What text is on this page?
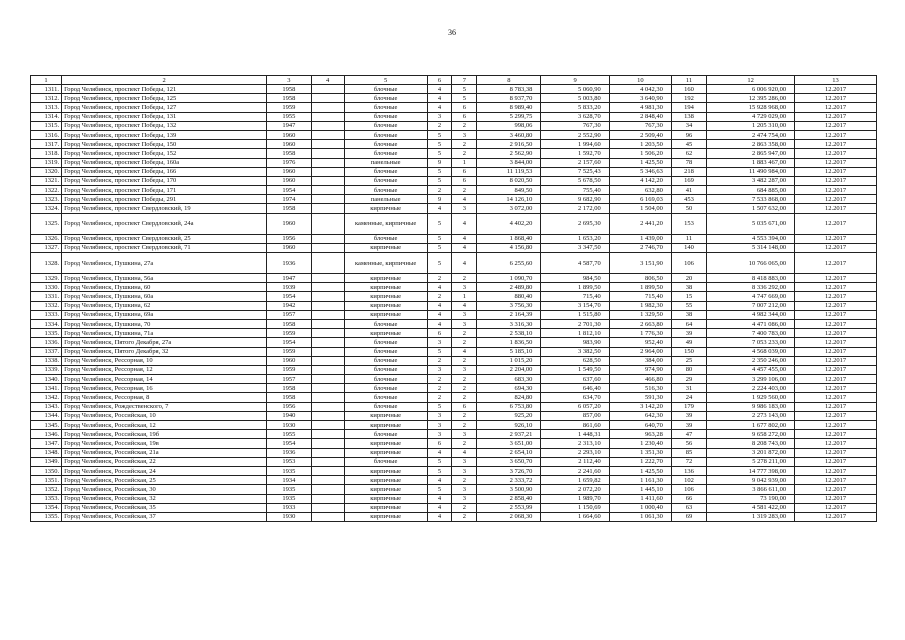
36
1	2	3	4	5	6	7	8	9	10	11	12	13
1311.	Город Челябинск, проспект Победы, 121	1958		блочные	4	5	8 783,38	5 060,90	4 042,30	160	6 006 920,00	12.2017
1312.	Город Челябинск, проспект Победы, 125	1958		блочные	4	5	8 937,70	5 003,80	3 640,90	192	12 395 286,00	12.2017
1313.	Город Челябинск, проспект Победы, 127	1959		блочные	4	6	8 989,40	5 833,20	4 981,30	194	15 928 968,00	12.2017
1314.	Город Челябинск, проспект Победы, 131	1955		блочные	3	6	5 299,75	3 628,70	2 848,40	138	4 729 029,00	12.2017
1315.	Город Челябинск, проспект Победы, 132	1947		блочные	2	2	998,06	767,30	767,30	34	1 205 310,00	12.2017
1316.	Город Челябинск, проспект Победы, 139	1960		блочные	5	3	3 460,80	2 552,90	2 509,40	96	2 474 754,00	12.2017
1317.	Город Челябинск, проспект Победы, 150	1960		блочные	5	2	2 916,50	1 994,60	1 203,50	45	2 863 358,00	12.2017
1318.	Город Челябинск, проспект Победы, 152	1958		блочные	5	2	2 562,90	1 592,70	1 506,20	62	2 865 947,00	12.2017
1319.	Город Челябинск, проспект Победы, 160а	1976		панельные	9	1	3 844,00	2 157,60	1 425,50	78	1 883 467,00	12.2017
1320.	Город Челябинск, проспект Победы, 166	1960		блочные	5	6	11 119,53	7 525,43	5 346,63	218	11 490 984,00	12.2017
1321.	Город Челябинск, проспект Победы, 170	1960		блочные	5	6	8 020,50	5 678,50	4 142,20	169	3 482 287,00	12.2017
1322.	Город Челябинск, проспект Победы, 171	1954		блочные	2	2	849,50	755,40	632,80	41	684 885,00	12.2017
1323.	Город Челябинск, проспект Победы, 291	1974		панельные	9	4	14 126,10	9 682,90	6 169,03	453	7 533 868,00	12.2017
1324.	Город Челябинск, проспект Свердловский, 19	1958		кирпичные	4	3	3 072,00	2 172,00	1 504,00	50	1 507 632,00	12.2017
1325.	Город Челябинск, проспект Свердловский, 24а	1960		каменные, кирпичные	5	4	4 402,20	2 695,30	2 441,20	153	5 035 671,00	12.2017
1326.	Город Челябинск, проспект Свердловский, 25	1956		блочные	5	4	1 868,40	1 653,20	1 439,00	11	4 553 394,00	12.2017
1327.	Город Челябинск, проспект Свердловский, 71	1960		кирпичные	5	4	4 156,80	3 347,50	2 746,70	140	5 314 148,00	12.2017
1328.	Город Челябинск, Пушкина, 27а	1936		каменные, кирпичные	5	4	6 255,60	4 587,70	3 151,90	106	10 766 065,00	12.2017
1329.	Город Челябинск, Пушкина, 56а	1947		кирпичные	2	2	1 090,70	984,50	806,50	20	8 418 883,00	12.2017
1330.	Город Челябинск, Пушкина, 60	1939		кирпичные	4	3	2 489,80	1 899,50	1 899,50	38	8 336 292,00	12.2017
1331.	Город Челябинск, Пушкина, 60а	1954		кирпичные	2	1	880,40	715,40	715,40	15	4 747 669,00	12.2017
1332.	Город Челябинск, Пушкина, 62	1942		кирпичные	4	4	3 756,30	3 154,70	1 982,30	55	7 007 212,00	12.2017
1333.	Город Челябинск, Пушкина, 69а	1957		кирпичные	4	3	2 164,39	1 515,80	1 329,50	38	4 982 344,00	12.2017
1334.	Город Челябинск, Пушкина, 70	1958		блочные	4	3	3 316,30	2 701,30	2 663,80	64	4 471 086,00	12.2017
1335.	Город Челябинск, Пушкина, 71а	1959		кирпичные	6	2	2 538,10	1 812,10	1 776,30	39	7 400 783,00	12.2017
1336.	Город Челябинск, Пятого Декабря, 27а	1954		блочные	3	2	1 836,50	983,90	952,40	49	7 053 233,00	12.2017
1337.	Город Челябинск, Пятого Декабря, 32	1959		блочные	5	4	5 185,10	3 382,50	2 964,00	150	4 568 039,00	12.2017
1338.	Город Челябинск, Рессорная, 10	1960		блочные	2	2	1 015,20	628,50	384,00	25	2 350 246,00	12.2017
1339.	Город Челябинск, Рессорная, 12	1959		блочные	3	3	2 204,00	1 549,50	974,90	80	4 457 455,00	12.2017
1340.	Город Челябинск, Рессорная, 14	1957		блочные	2	2	683,30	637,60	466,80	29	3 299 106,00	12.2017
1341.	Город Челябинск, Рессорная, 16	1958		блочные	2	2	694,30	646,40	516,30	31	2 224 403,00	12.2017
1342.	Город Челябинск, Рессорная, 8	1958		блочные	2	2	824,80	634,70	591,30	24	1 929 560,00	12.2017
1343.	Город Челябинск, Рождественского, 7	1956		блочные	5	6	6 753,80	6 057,20	3 142,20	179	9 986 183,00	12.2017
1344.	Город Челябинск, Российская, 10	1940		кирпичные	3	2	925,20	857,00	642,30	39	2 273 143,00	12.2017
1345.	Город Челябинск, Российская, 12	1930		кирпичные	3	2	926,10	861,60	640,70	39	1 677 802,00	12.2017
1346.	Город Челябинск, Российская, 19б	1955		блочные	3	3	2 937,21	1 448,31	963,28	47	9 658 272,00	12.2017
1347.	Город Челябинск, Российская, 19в	1954		кирпичные	6	2	3 651,00	2 313,10	1 230,40	56	8 208 743,00	12.2017
1348.	Город Челябинск, Российская, 21а	1936		кирпичные	4	4	2 654,10	2 293,10	1 351,30	85	3 201 872,00	12.2017
1349.	Город Челябинск, Российская, 22	1953		блочные	5	3	3 650,70	2 112,40	1 222,70	72	5 278 211,00	12.2017
1350.	Город Челябинск, Российская, 24	1935		кирпичные	5	3	3 726,70	2 241,60	1 425,50	136	14 777 398,00	12.2017
1351.	Город Челябинск, Российская, 25	1934		кирпичные	4	2	2 333,72	1 659,82	1 161,30	102	9 042 939,00	12.2017
1352.	Город Челябинск, Российская, 30	1935		кирпичные	5	3	3 500,90	2 072,20	1 445,10	106	3 866 611,00	12.2017
1353.	Город Челябинск, Российская, 32	1935		кирпичные	4	3	2 858,40	1 989,70	1 411,60	66	73 190,00	12.2017
1354.	Город Челябинск, Российская, 35	1933		кирпичные	4	2	2 553,99	1 150,69	1 000,40	63	4 581 422,00	12.2017
1355.	Город Челябинск, Российская, 37	1930		кирпичные	4	2	2 068,30	1 664,60	1 061,30	69	1 319 283,00	12.2017
